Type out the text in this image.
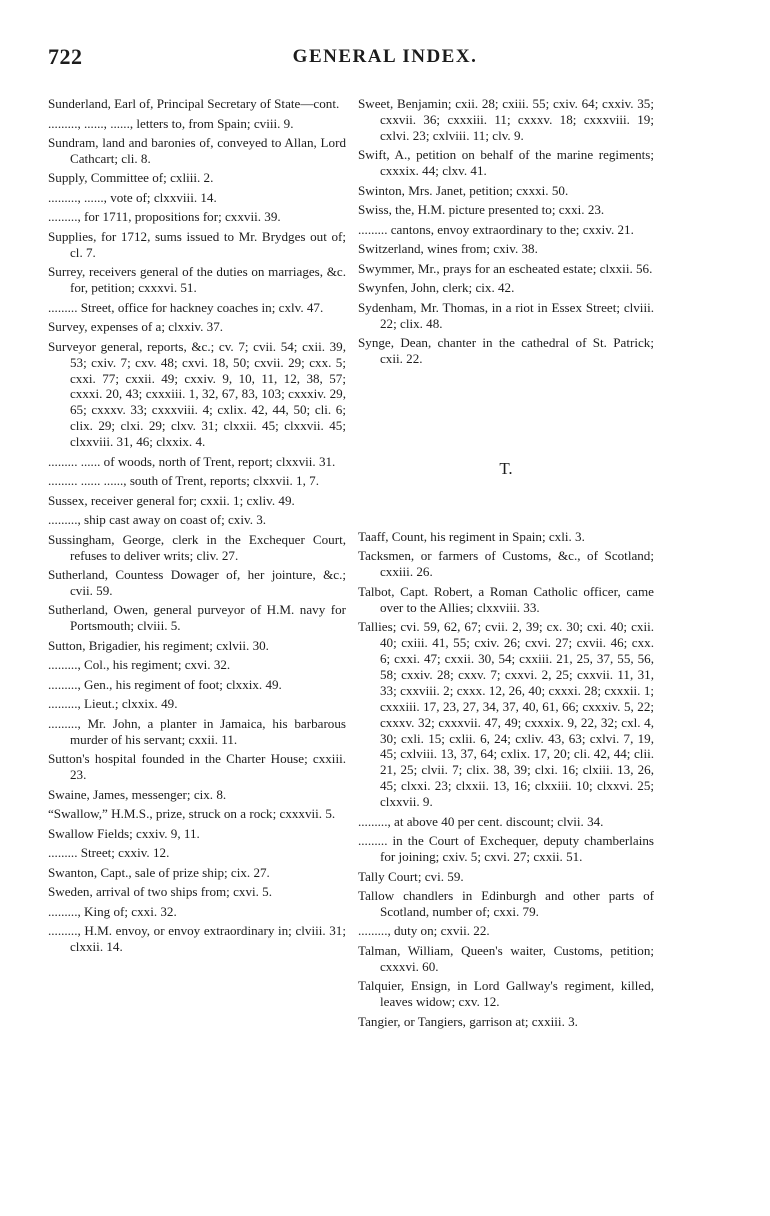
722	GENERAL INDEX.
Sunderland, Earl of, Principal Secretary of State—cont.
........., ......, ......, letters to, from Spain; cviii. 9.
Sundram, land and baronies of, conveyed to Allan, Lord Cathcart; cli. 8.
Supply, Committee of; cxliii. 2.
........., ......, vote of; clxxviii. 14.
........., for 1711, propositions for; cxxvii. 39.
Supplies, for 1712, sums issued to Mr. Brydges out of; cl. 7.
Surrey, receivers general of the duties on marriages, &c. for, petition; cxxxvi. 51.
......... Street, office for hackney coaches in; cxlv. 47.
Survey, expenses of a; clxxiv. 37.
Surveyor general, reports, &c.; cv. 7; cvii. 54; cxii. 39, 53; cxiv. 7; cxv. 48; cxvi. 18, 50; cxvii. 29; cxx. 5; cxxi. 77; cxxii. 49; cxxiv. 9, 10, 11, 12, 38, 57; cxxxi. 20, 43; cxxxiii. 1, 32, 67, 83, 103; cxxxiv. 29, 65; cxxxv. 33; cxxxviii. 4; cxlix. 42, 44, 50; cli. 6; clix. 29; clxi. 29; clxv. 31; clxxii. 45; clxxvii. 45; clxxviii. 31, 46; clxxix. 4.
......... ...... of woods, north of Trent, report; clxxvii. 31.
......... ...... ......, south of Trent, reports; clxxvii. 1, 7.
Sussex, receiver general for; cxxii. 1; cxliv. 49.
........., ship cast away on coast of; cxiv. 3.
Sussingham, George, clerk in the Exchequer Court, refuses to deliver writs; cliv. 27.
Sutherland, Countess Dowager of, her jointure, &c.; cvii. 59.
Sutherland, Owen, general purveyor of H.M. navy for Portsmouth; clviii. 5.
Sutton, Brigadier, his regiment; cxlvii. 30.
........., Col., his regiment; cxvi. 32.
........., Gen., his regiment of foot; clxxix. 49.
........., Lieut.; clxxix. 49.
........., Mr. John, a planter in Jamaica, his barbarous murder of his servant; cxxii. 11.
Sutton's hospital founded in the Charter House; cxxiii. 23.
Swaine, James, messenger; cix. 8.
“Swallow,” H.M.S., prize, struck on a rock; cxxxvii. 5.
Swallow Fields; cxxiv. 9, 11.
......... Street; cxxiv. 12.
Swanton, Capt., sale of prize ship; cix. 27.
Sweden, arrival of two ships from; cxvi. 5.
........., King of; cxxi. 32.
........., H.M. envoy, or envoy extraordinary in; clviii. 31; clxxii. 14.
Sweet, Benjamin; cxii. 28; cxiii. 55; cxiv. 64; cxxiv. 35; cxxvii. 36; cxxxiii. 11; cxxxv. 18; cxxxviii. 19; cxlvi. 23; cxlviii. 11; clv. 9.
Swift, A., petition on behalf of the marine regiments; cxxxix. 44; clxv. 41.
Swinton, Mrs. Janet, petition; cxxxi. 50.
Swiss, the, H.M. picture presented to; cxxi. 23.
......... cantons, envoy extraordinary to the; cxxiv. 21.
Switzerland, wines from; cxiv. 38.
Swymmer, Mr., prays for an escheated estate; clxxii. 56.
Swynfen, John, clerk; cix. 42.
Sydenham, Mr. Thomas, in a riot in Essex Street; clviii. 22; clix. 48.
Synge, Dean, chanter in the cathedral of St. Patrick; cxii. 22.
T.
Taaff, Count, his regiment in Spain; cxli. 3.
Tacksmen, or farmers of Customs, &c., of Scotland; cxxiii. 26.
Talbot, Capt. Robert, a Roman Catholic officer, came over to the Allies; clxxviii. 33.
Tallies; cvi. 59, 62, 67; cvii. 2, 39; cx. 30; cxi. 40; cxii. 40; cxiii. 41, 55; cxiv. 26; cxvi. 27; cxvii. 46; cxx. 6; cxxi. 47; cxxii. 30, 54; cxxiii. 21, 25, 37, 55, 56, 58; cxxiv. 28; cxxv. 7; cxxvi. 2, 25; cxxvii. 11, 31, 33; cxxviii. 2; cxxx. 12, 26, 40; cxxxi. 28; cxxxii. 1; cxxxiii. 17, 23, 27, 34, 37, 40, 61, 66; cxxxiv. 5, 22; cxxxv. 32; cxxxvii. 47, 49; cxxxix. 9, 22, 32; cxl. 4, 30; cxli. 15; cxlii. 6, 24; cxliv. 43, 63; cxlvi. 7, 19, 45; cxlviii. 13, 37, 64; cxlix. 17, 20; cli. 42, 44; clii. 21, 25; clvii. 7; clix. 38, 39; clxi. 16; clxiii. 13, 26, 45; clxxi. 23; clxxii. 13, 16; clxxiii. 10; clxxvi. 25; clxxvii. 9.
........., at above 40 per cent. discount; clvii. 34.
......... in the Court of Exchequer, deputy chamberlains for joining; cxiv. 5; cxvi. 27; cxxii. 51.
Tally Court; cvi. 59.
Tallow chandlers in Edinburgh and other parts of Scotland, number of; cxxi. 79.
........., duty on; cxvii. 22.
Talman, William, Queen's waiter, Customs, petition; cxxxvi. 60.
Talquier, Ensign, in Lord Gallway's regiment, killed, leaves widow; cxv. 12.
Tangier, or Tangiers, garrison at; cxxiii. 3.
